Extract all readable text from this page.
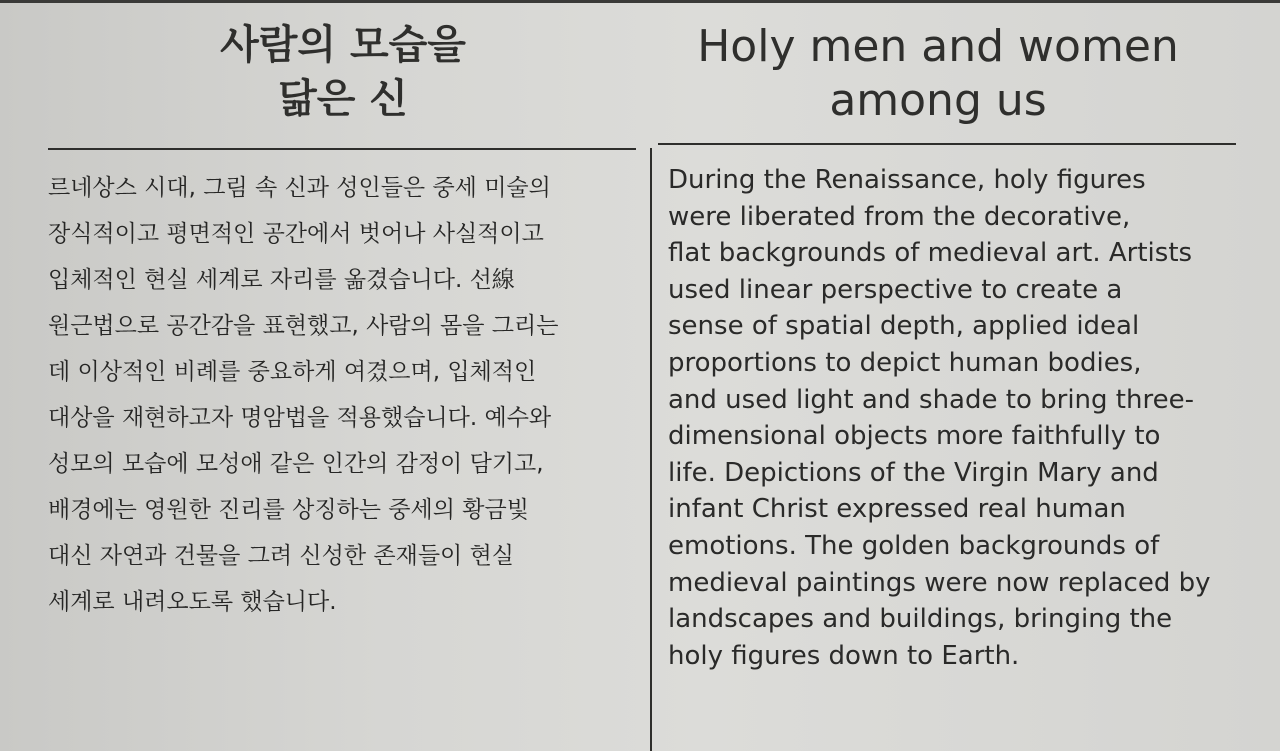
사람의 모습을
닮은 신
르네상스 시대, 그림 속 신과 성인들은 중세 미술의
장식적이고 평면적인 공간에서 벗어나 사실적이고
입체적인 현실 세계로 자리를 옮겼습니다. 선線
원근법으로 공간감을 표현했고, 사람의 몸을 그리는
데 이상적인 비례를 중요하게 여겼으며, 입체적인
대상을 재현하고자 명암법을 적용했습니다. 예수와
성모의 모습에 모성애 같은 인간의 감정이 담기고,
배경에는 영원한 진리를 상징하는 중세의 황금빛
대신 자연과 건물을 그려 신성한 존재들이 현실
세계로 내려오도록 했습니다.
Holy men and women
among us
During the Renaissance, holy figures
were liberated from the decorative,
flat backgrounds of medieval art. Artists
used linear perspective to create a
sense of spatial depth, applied ideal
proportions to depict human bodies,
and used light and shade to bring three-
dimensional objects more faithfully to
life. Depictions of the Virgin Mary and
infant Christ expressed real human
emotions. The golden backgrounds of
medieval paintings were now replaced by
landscapes and buildings, bringing the
holy figures down to Earth.
